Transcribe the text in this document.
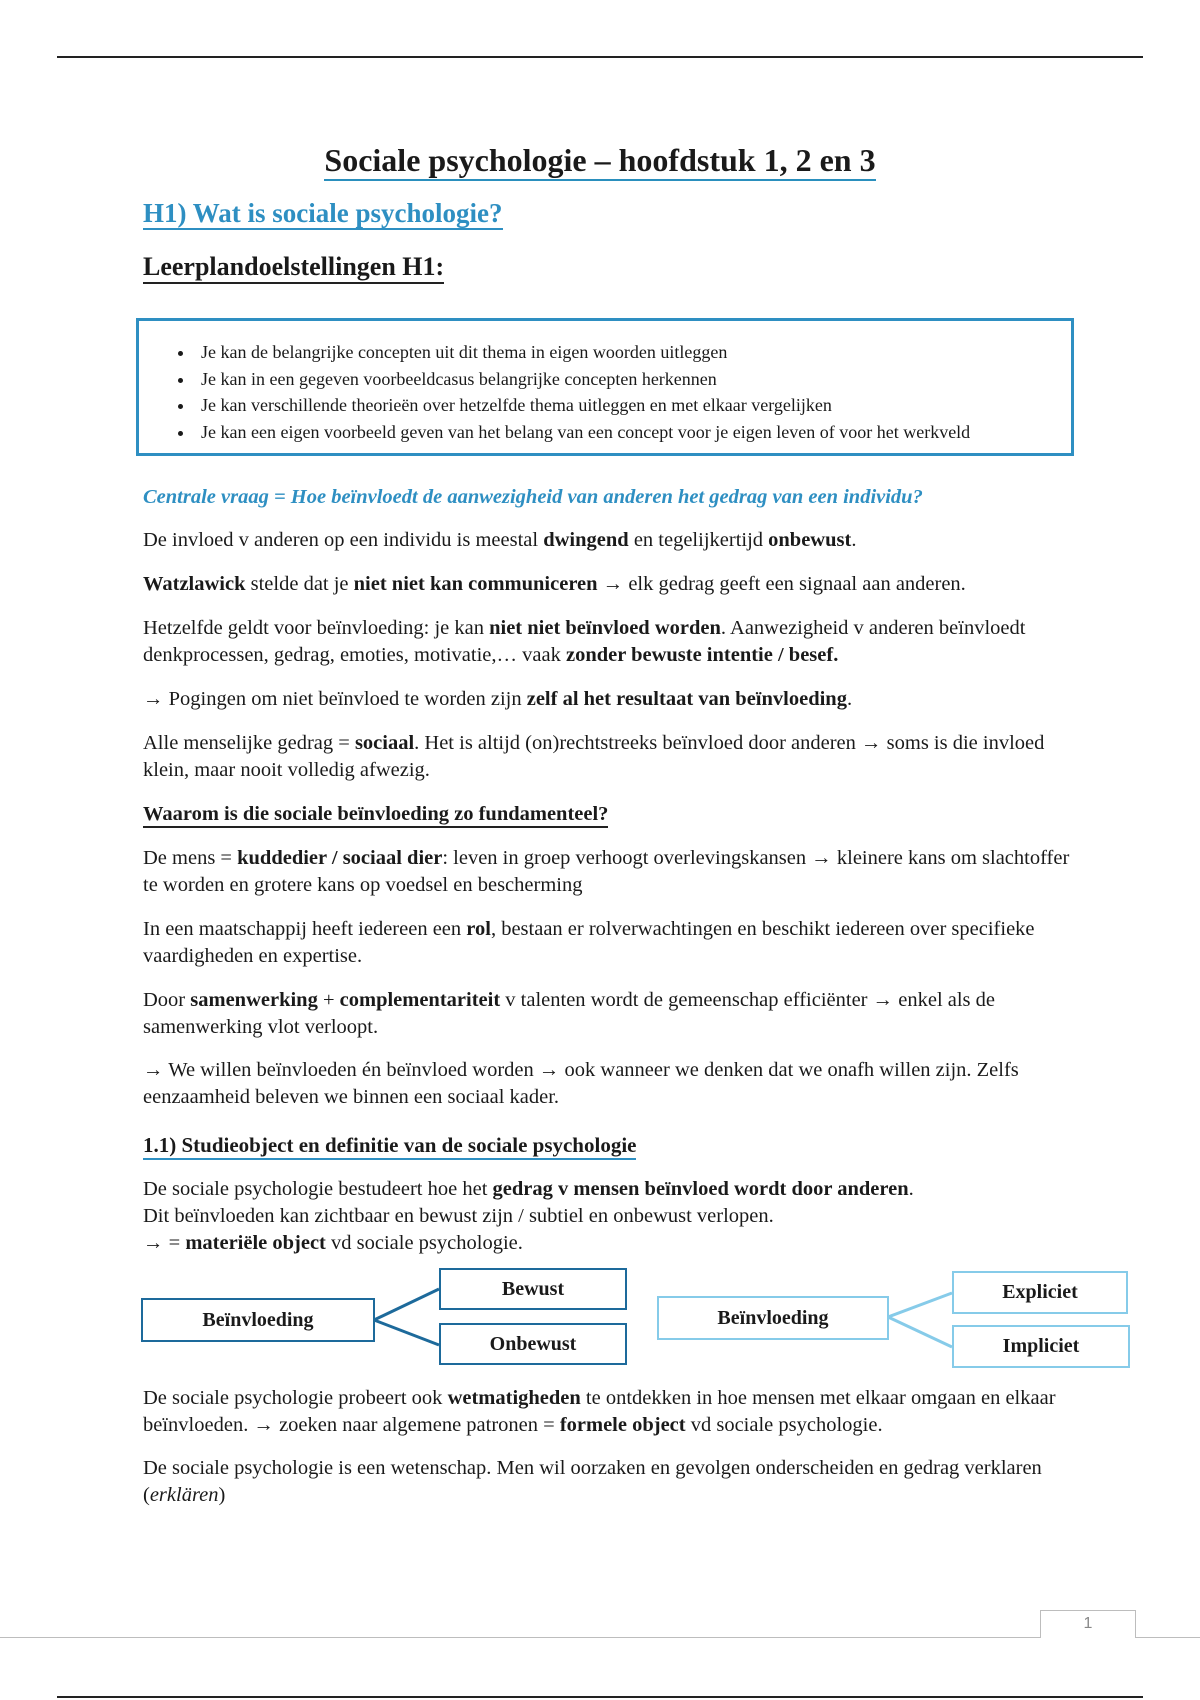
Sociale psychologie – hoofdstuk 1, 2 en 3
H1) Wat is sociale psychologie?
Leerplandoelstellingen H1:
• Je kan de belangrijke concepten uit dit thema in eigen woorden uitleggen
• Je kan in een gegeven voorbeeldcasus belangrijke concepten herkennen
• Je kan verschillende theorieën over hetzelfde thema uitleggen en met elkaar vergelijken
• Je kan een eigen voorbeeld geven van het belang van een concept voor je eigen leven of voor het werkveld
Centrale vraag = Hoe beïnvloedt de aanwezigheid van anderen het gedrag van een individu?
De invloed v anderen op een individu is meestal dwingend en tegelijkertijd onbewust.
Watzlawick stelde dat je niet niet kan communiceren → elk gedrag geeft een signaal aan anderen.
Hetzelfde geldt voor beïnvloeding: je kan niet niet beïnvloed worden. Aanwezigheid v anderen beïnvloedt denkprocessen, gedrag, emoties, motivatie,… vaak zonder bewuste intentie / besef.
→ Pogingen om niet beïnvloed te worden zijn zelf al het resultaat van beïnvloeding.
Alle menselijke gedrag = sociaal. Het is altijd (on)rechtstreeks beïnvloed door anderen → soms is die invloed klein, maar nooit volledig afwezig.
Waarom is die sociale beïnvloeding zo fundamenteel?
De mens = kuddedier / sociaal dier: leven in groep verhoogt overlevingskansen → kleinere kans om slachtoffer te worden en grotere kans op voedsel en bescherming
In een maatschappij heeft iedereen een rol, bestaan er rolverwachtingen en beschikt iedereen over specifieke vaardigheden en expertise.
Door samenwerking + complementariteit v talenten wordt de gemeenschap efficiënter → enkel als de samenwerking vlot verloopt.
→ We willen beïnvloeden én beïnvloed worden → ook wanneer we denken dat we onafh willen zijn. Zelfs eenzaamheid beleven we binnen een sociaal kader.
1.1) Studieobject en definitie van de sociale psychologie
De sociale psychologie bestudeert hoe het gedrag v mensen beïnvloed wordt door anderen.
Dit beïnvloeden kan zichtbaar en bewust zijn / subtiel en onbewust verlopen.
→ = materiële object vd sociale psychologie.
Beïnvloeding
Bewust
Onbewust
Beïnvloeding
Expliciet
Impliciet
De sociale psychologie probeert ook wetmatigheden te ontdekken in hoe mensen met elkaar omgaan en elkaar beïnvloeden. → zoeken naar algemene patronen = formele object vd sociale psychologie.
De sociale psychologie is een wetenschap. Men wil oorzaken en gevolgen onderscheiden en gedrag verklaren (erklären)
1
